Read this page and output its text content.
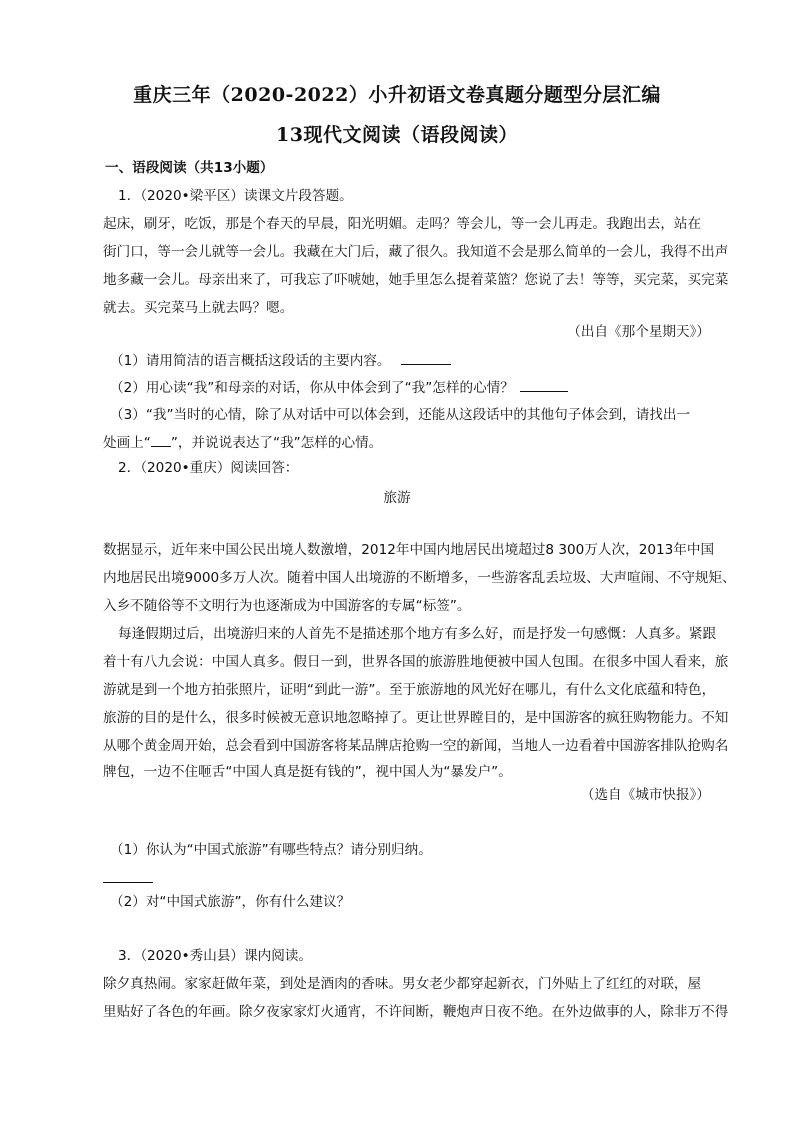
重庆三年（2020-2022）小升初语文卷真题分题型分层汇编
13现代文阅读（语段阅读）
一、语段阅读（共13小题）
1．（2020•梁平区）读课文片段答题。
起床，刷牙，吃饭，那是个春天的早晨，阳光明媚。走吗？等会儿，等一会儿再走。我跑出去，站在
街门口，等一会儿就等一会儿。我藏在大门后，藏了很久。我知道不会是那么简单的一会儿，我得不出声
地多藏一会儿。母亲出来了，可我忘了吓唬她，她手里怎么提着菜篮？您说了去！等等，买完菜，买完菜
就去。买完菜马上就去吗？嗯。
（出自《那个星期天》）
（1）请用简洁的语言概括这段话的主要内容。
（2）用心读“我”和母亲的对话，你从中体会到了“我”怎样的心情？
（3）“我”当时的心情，除了从对话中可以体会到，还能从这段话中的其他句子体会到，请找出一
处画上“ ”，并说说表达了“我”怎样的心情。
2．（2020•重庆）阅读回答：
旅游
数据显示，近年来中国公民出境人数激增，2012年中国内地居民出境超过8 300万人次，2013年中国
内地居民出境9000多万人次。随着中国人出境游的不断增多，一些游客乱丢垃圾、大声喧闹、不守规矩、
入乡不随俗等不文明行为也逐渐成为中国游客的专属“标签”。
每逢假期过后，出境游归来的人首先不是描述那个地方有多么好，而是抒发一句感慨：人真多。紧跟
着十有八九会说：中国人真多。假日一到，世界各国的旅游胜地便被中国人包围。在很多中国人看来，旅
游就是到一个地方拍张照片，证明“到此一游”。至于旅游地的风光好在哪儿，有什么文化底蕴和特色，
旅游的目的是什么，很多时候被无意识地忽略掉了。更让世界瞠目的，是中国游客的疯狂购物能力。不知
从哪个黄金周开始，总会看到中国游客将某品牌店抢购一空的新闻，当地人一边看着中国游客排队抢购名
牌包，一边不住咂舌“中国人真是挺有钱的”，视中国人为“暴发户”。
（选自《城市快报》）
（1）你认为“中国式旅游”有哪些特点？请分别归纳。
（2）对“中国式旅游”，你有什么建议？
3．（2020•秀山县）课内阅读。
除夕真热闹。家家赶做年菜，到处是酒肉的香味。男女老少都穿起新衣，门外贴上了红红的对联，屋
里贴好了各色的年画。除夕夜家家灯火通宵，不许间断，鞭炮声日夜不绝。在外边做事的人，除非万不得
